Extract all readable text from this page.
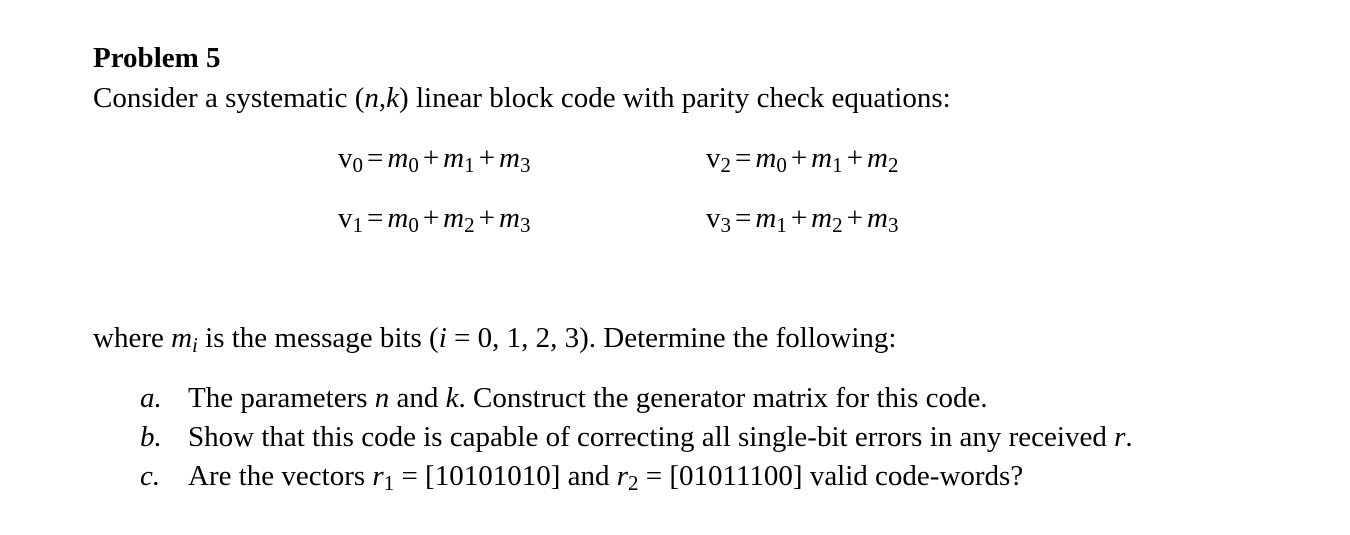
Problem 5
Consider a systematic (n,k) linear block code with parity check equations:
$v_0 = m_0 + m_1 + m_3$	$v_2 = m_0 + m_1 + m_2$
$v_1 = m_0 + m_2 + m_3$	$v_3 = m_1 + m_2 + m_3$
where $m_i$ is the message bits (i = 0, 1, 2, 3). Determine the following:
a. The parameters n and k. Construct the generator matrix for this code.
b. Show that this code is capable of correcting all single-bit errors in any received r.
c. Are the vectors $r_1 = [10101010]$ and $r_2 = [01011100]$ valid code-words?
